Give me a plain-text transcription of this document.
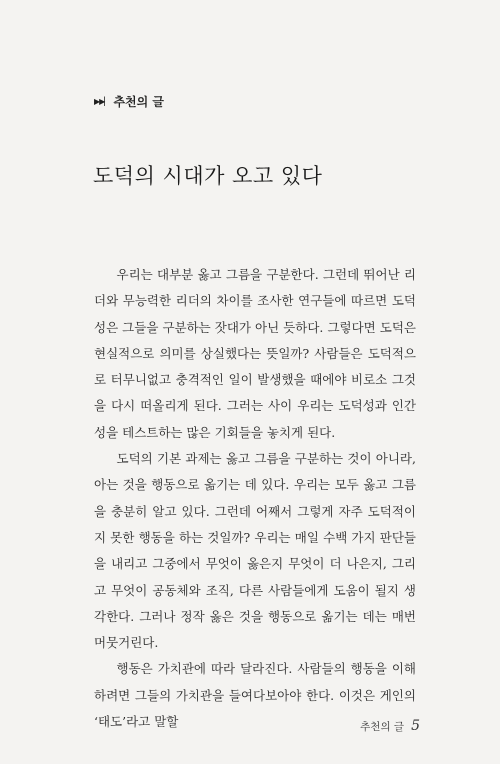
▶▶▏ 추천의 글
도덕의 시대가 오고 있다

우리는 대부분 옳고 그름을 구분한다. 그런데 뛰어난 리더와 무능력한 리더의 차이를 조사한 연구들에 따르면 도덕성은 그들을 구분하는 잣대가 아닌 듯하다. 그렇다면 도덕은 현실적으로 의미를 상실했다는 뜻일까? 사람들은 도덕적으로 터무니없고 충격적인 일이 발생했을 때에야 비로소 그것을 다시 떠올리게 된다. 그러는 사이 우리는 도덕성과 인간성을 테스트하는 많은 기회들을 놓치게 된다.

도덕의 기본 과제는 옳고 그름을 구분하는 것이 아니라, 아는 것을 행동으로 옮기는 데 있다. 우리는 모두 옳고 그름을 충분히 알고 있다. 그런데 어째서 그렇게 자주 도덕적이지 못한 행동을 하는 것일까? 우리는 매일 수백 가지 판단들을 내리고 그중에서 무엇이 옳은지 무엇이 더 나은지, 그리고 무엇이 공동체와 조직, 다른 사람들에게 도움이 될지 생각한다. 그러나 정작 옳은 것을 행동으로 옮기는 데는 매번 머뭇거린다.

행동은 가치관에 따라 달라진다. 사람들의 행동을 이해하려면 그들의 가치관을 들여다보아야 한다. 이것은 게인의 ‘태도’라고 말할	추천의 글 5
